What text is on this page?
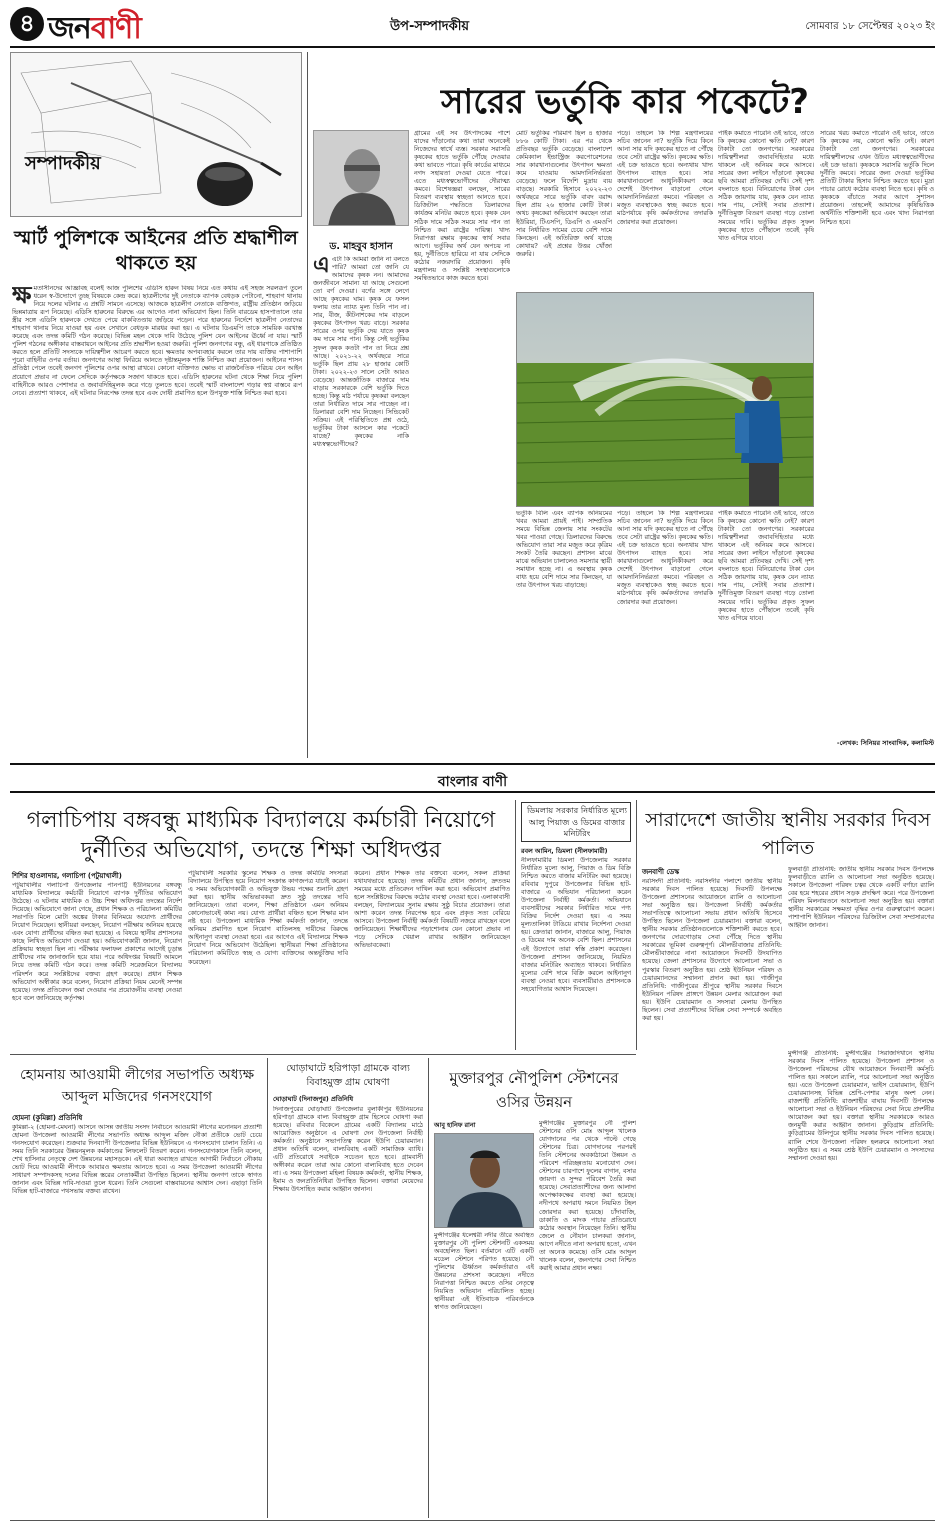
৪ জনবাণী	উপ-সম্পাদকীয়	সোমবার ১৮ সেপ্টেম্বর ২০২৩ ইং
সম্পাদকীয়
স্মার্ট পুলিশকে আইনের প্রতি শ্রদ্ধাশীল থাকতে হয়
ক্ষ মতাসীনদের আজ্ঞাবহ বলেই আজ পুলিশের এডিসি হারুন বিষয় নিয়ে এত কথায় এই সহজ সরলরূপ তুলে ধরেন স্ব-উদ্যোগে তুচ্ছ বিষয়কে কেন্দ্র করে। ছাত্রলীগের দুই নেতাকে ব্যাপক বেধড়ক পেটানো, শাহবাগ থানায় নিয়ে দলের ঘটনার এ প্রশ্নটি সামনে এসেছে। আজকে ছাত্রলীগ নেতাকে ব্যক্তিগত, রাষ্ট্রীয় প্রতিষ্ঠান জড়িয়ে ভিন্নমাত্রায় রূপ নিয়েছে। এডিসি হারুনের বিরুদ্ধে এর আগেও নানা অভিযোগ ছিল। তিনি বারডেম হাসপাতালে তার স্ত্রীর সঙ্গে এডিসি হারুনকে দেখতে পেয়ে বাকবিতণ্ডায় জড়িয়ে পড়েন। পরে হারুনের নির্দেশে ছাত্রলীগ নেতাদের শাহবাগ থানায় নিয়ে যাওয়া হয় এবং সেখানে বেধড়ক মারধর করা হয়। এ ঘটনায় ডিএমপি তাকে সাময়িক বরখাস্ত করেছে এবং তদন্ত কমিটি গঠন করেছে। বিভিন্ন মহল থেকে দাবি উঠেছে পুলিশ যেন আইনের ঊর্ধ্বে না যায়। স্মার্ট পুলিশ গঠনের অঙ্গীকার বাস্তবায়নে আইনের প্রতি শ্রদ্ধাশীল হওয়া জরুরি। পুলিশ জনগণের বন্ধু, এই ধারণাকে প্রতিষ্ঠিত করতে হলে প্রতিটি সদস্যকে দায়িত্বশীল আচরণ করতে হবে। ক্ষমতার অপব্যবহার করলে তার দায় ব্যক্তির পাশাপাশি পুরো বাহিনীর ওপর বর্তায়। জনগণের আস্থা ফিরিয়ে আনতে দৃষ্টান্তমূলক শাস্তি নিশ্চিত করা প্রয়োজন। আইনের শাসন প্রতিষ্ঠা পেলে তবেই জনগণ পুলিশের ওপর আস্থা রাখবে। কোনো ব্যক্তিগত ক্ষোভ বা রাজনৈতিক পরিচয় যেন আইন প্রয়োগে প্রভাব না ফেলে সেদিকে কর্তৃপক্ষকে সজাগ থাকতে হবে। এডিসি হারুনের ঘটনা থেকে শিক্ষা নিয়ে পুলিশ বাহিনীকে আরও পেশাদার ও জবাবদিহিমূলক করে গড়ে তুলতে হবে। তবেই স্মার্ট বাংলাদেশ গড়ার স্বপ্ন বাস্তবে রূপ নেবে। প্রত্যাশা থাকবে, এই ঘটনার নিরপেক্ষ তদন্ত হবে এবং দোষী প্রমাণিত হলে উপযুক্ত শাস্তি নিশ্চিত করা হবে।
সারের ভর্তুকি কার পকেটে?
ড. মাহবুব হাসান
এএটা কি আমরা জানি না বলতে পারি? আমরা তো জানি যে আমাদের কৃষক নন। আমাদের জনজীবনে সামান্য যা আছে সেগুলো তো বর্ণ দেওয়া। বর্ণের সঙ্গে লেগে আছে কৃষকের ঘাম। কৃষক যে ফসল ফলায় তার ন্যায্য মূল্য তিনি পান না। সার, বীজ, কীটনাশকের দাম বাড়লে কৃষকের উৎপাদন খরচ বাড়ে। সরকার সারের ওপর ভর্তুকি দেয় যাতে কৃষক কম দামে সার পান। কিন্তু সেই ভর্তুকির সুফল কৃষক কতটা পান তা নিয়ে প্রশ্ন আছে। ২০২১-২২ অর্থবছরে সারে ভর্তুকি ছিল প্রায় ২৮ হাজার কোটি টাকা। ২০২২-২৩ সালে সেটা আরও বেড়েছে। আন্তর্জাতিক বাজারে দাম বাড়ায় সরকারকে বেশি ভর্তুকি দিতে হচ্ছে। কিন্তু মাঠ পর্যায়ে কৃষকরা বলছেন তারা নির্ধারিত দামে সার পাচ্ছেন না। ডিলাররা বেশি দাম নিচ্ছেন। সিন্ডিকেট সক্রিয়। এই পরিস্থিতিতে প্রশ্ন ওঠে, ভর্তুকির টাকা আসলে কার পকেটে যাচ্ছে? কৃষকের নাকি মধ্যস্বত্বভোগীদের?
গ্রামের এই সব উৎপাদকের পাশে যাদের দাঁড়ানোর কথা তারা অনেকেই নিজেদের স্বার্থে ব্যস্ত। সরকার সরাসরি কৃষকের হাতে ভর্তুকি পৌঁছে দেওয়ার কথা ভাবতে পারে। কৃষি কার্ডের মাধ্যমে নগদ সহায়তা দেওয়া যেতে পারে। এতে মধ্যস্বত্বভোগীদের দৌরাত্ম্য কমবে। বিশেষজ্ঞরা বলছেন, সারের বিতরণ ব্যবস্থায় স্বচ্ছতা আনতে হবে। ডিজিটাল পদ্ধতিতে ডিলারদের কার্যক্রম মনিটর করতে হবে। কৃষক যেন সঠিক দামে সঠিক সময়ে সার পান তা নিশ্চিত করা রাষ্ট্রের দায়িত্ব। খাদ্য নিরাপত্তা রক্ষায় কৃষকের স্বার্থ সবার আগে। ভর্তুকির অর্থ যেন অপচয় না হয়, দুর্নীতিতে হারিয়ে না যায় সেদিকে কঠোর নজরদারি প্রয়োজন। কৃষি মন্ত্রণালয় ও সংশ্লিষ্ট সংস্থাগুলোকে সমন্বিতভাবে কাজ করতে হবে।
মোট ভর্তুকির পরিমাণ ছিল ৪ হাজার ৮৮৬ কোটি টাকা। এর পর থেকে প্রতিবছর ভর্তুকি বেড়েছে। বাংলাদেশ কেমিক্যাল ইন্ডাস্ট্রিজ করপোরেশনের সার কারখানাগুলোর উৎপাদন ক্ষমতা কমে যাওয়ায় আমদানিনির্ভরতা বেড়েছে। ফলে বিদেশি মুদ্রায় ব্যয় বাড়ছে। সরকারি হিসাবে ২০২২-২৩ অর্থবছরে সারে ভর্তুকি বাবদ বরাদ্দ ছিল প্রায় ২৬ হাজার কোটি টাকা। অথচ কৃষকেরা অভিযোগ করছেন তারা ইউরিয়া, টিএসপি, ডিএপি ও এমওপি সার নির্ধারিত দামের চেয়ে বেশি দামে কিনছেন। এই অতিরিক্ত অর্থ যাচ্ছে কোথায়? এই প্রশ্নের উত্তর খোঁজা জরুরি।
পড়ে। তাহলে কি শিল্প মন্ত্রণালয়ের সচিব জানেন না? ভর্তুকি দিয়ে কিনে আনা সার যদি কৃষকের হাতে না পৌঁছে তবে সেটা রাষ্ট্রের ক্ষতি। কৃষকের ক্ষতি। এই চক্র ভাঙতে হবে। অন্যথায় খাদ্য উৎপাদন ব্যাহত হবে। সার কারখানাগুলো আধুনিকীকরণ করে দেশেই উৎপাদন বাড়ানো গেলে আমদানিনির্ভরতা কমবে। পরিবহন ও মজুত ব্যবস্থাকেও স্বচ্ছ করতে হবে। মাঠপর্যায়ে কৃষি কর্মকর্তাদের তদারকি জোরদার করা প্রয়োজন।
পাইক কমাতে পারেনি ওই ভাবে, তাতে কি কৃষকের কোনো ক্ষতি নেই? কারণ টাকাটা তো জনগণের। সরকারের দায়িত্বশীলরা জবাবদিহিতার মধ্যে থাকলে এই অনিয়ম কমে আসবে। সারের জন্য লাইনে দাঁড়ানো কৃষকের ছবি আমরা প্রতিবছর দেখি। সেই দৃশ্য বদলাতে হবে। বিনিয়োগের টাকা যেন সঠিক জায়গায় যায়, কৃষক যেন ন্যায্য দাম পায়, সেটাই সবার প্রত্যাশা। দুর্নীতিমুক্ত বিতরণ ব্যবস্থা গড়ে তোলা সময়ের দাবি। ভর্তুকির প্রকৃত সুফল কৃষকের হাতে পৌঁছালে তবেই কৃষি খাত এগিয়ে যাবে।
সারের খরচ কমাতে পারেনি ওই ভাবে, তাতে কি কৃষকের নয়, কোনো ক্ষতি নেই। কারণ টাকাটা তো জনগণের। সরকারের দায়িত্বশীলদের এখন উচিত মধ্যস্বত্বভোগীদের এই চক্র ভাঙা। কৃষককে সরাসরি ভর্তুকি দিলে দুর্নীতি কমবে। সারের জন্য দেওয়া ভর্তুকির প্রতিটি টাকার হিসাব নিশ্চিত করতে হবে। মুদ্রা পাচার রোধে কঠোর ব্যবস্থা নিতে হবে। কৃষি ও কৃষককে বাঁচাতে সবার আগে সুশাসন প্রয়োজন। তাহলেই আমাদের কৃষিভিত্তিক অর্থনীতি শক্তিশালী হবে এবং খাদ্য নিরাপত্তা নিশ্চিত হবে।
ভর্তুকি বিলি এবং ব্যাপক অনিয়মের খবর আমরা প্রায়ই পাই। সাম্প্রতিক সময়ে বিভিন্ন জেলায় সার সংকটের খবর পাওয়া গেছে। ডিলারদের বিরুদ্ধে অভিযোগ তারা সার মজুত করে কৃত্রিম সংকট তৈরি করছেন। প্রশাসন মাঝে মাঝে অভিযান চালালেও সমস্যার স্থায়ী সমাধান হচ্ছে না। এ অবস্থায় কৃষক বাধ্য হয়ে বেশি দামে সার কিনছেন, যা তার উৎপাদন খরচ বাড়াচ্ছে।
পড়ে। তাহলে কি শিল্প মন্ত্রণালয়ের সচিব জানেন না? ভর্তুকি দিয়ে কিনে আনা সার যদি কৃষকের হাতে না পৌঁছে তবে সেটা রাষ্ট্রের ক্ষতি। কৃষকের ক্ষতি। এই চক্র ভাঙতে হবে। অন্যথায় খাদ্য উৎপাদন ব্যাহত হবে। সার কারখানাগুলো আধুনিকীকরণ করে দেশেই উৎপাদন বাড়ানো গেলে আমদানিনির্ভরতা কমবে। পরিবহন ও মজুত ব্যবস্থাকেও স্বচ্ছ করতে হবে। মাঠপর্যায়ে কৃষি কর্মকর্তাদের তদারকি জোরদার করা প্রয়োজন।
পাইক কমাতে পারেনি ওই ভাবে, তাতে কি কৃষকের কোনো ক্ষতি নেই? কারণ টাকাটা তো জনগণের। সরকারের দায়িত্বশীলরা জবাবদিহিতার মধ্যে থাকলে এই অনিয়ম কমে আসবে। সারের জন্য লাইনে দাঁড়ানো কৃষকের ছবি আমরা প্রতিবছর দেখি। সেই দৃশ্য বদলাতে হবে। বিনিয়োগের টাকা যেন সঠিক জায়গায় যায়, কৃষক যেন ন্যায্য দাম পায়, সেটাই সবার প্রত্যাশা। দুর্নীতিমুক্ত বিতরণ ব্যবস্থা গড়ে তোলা সময়ের দাবি। ভর্তুকির প্রকৃত সুফল কৃষকের হাতে পৌঁছালে তবেই কৃষি খাত এগিয়ে যাবে।
-লেখক: সিনিয়র সাংবাদিক, কলামিস্ট
বাংলার বাণী
গলাচিপায় বঙ্গবন্ধু মাধ্যমিক বিদ্যালয়ে কর্মচারী নিয়োগে দুর্নীতির অভিযোগ, তদন্তে শিক্ষা অধিদপ্তর
শিশির হাওলাদার, গলাচিপা (পটুয়াখালী)
পটুয়াখালীর গলাচিপা উপজেলার পানপট্টি ইউনিয়নের বঙ্গবন্ধু মাধ্যমিক বিদ্যালয়ে কর্মচারী নিয়োগে ব্যাপক দুর্নীতির অভিযোগ উঠেছে। এ ঘটনায় মাধ্যমিক ও উচ্চ শিক্ষা অধিদপ্তর তদন্তের নির্দেশ দিয়েছে। অভিযোগে জানা গেছে, প্রধান শিক্ষক ও পরিচালনা কমিটির সভাপতি মিলে মোটা অঙ্কের টাকার বিনিময়ে অযোগ্য প্রার্থীদের নিয়োগ দিয়েছেন। স্থানীয়রা বলছেন, নিয়োগ পরীক্ষায় অনিয়ম হয়েছে এবং যোগ্য প্রার্থীদের বঞ্চিত করা হয়েছে। এ বিষয়ে স্থানীয় প্রশাসনের কাছে লিখিত অভিযোগ দেওয়া হয়। অভিযোগকারী জানান, নিয়োগ প্রক্রিয়ায় স্বচ্ছতা ছিল না। পরীক্ষার ফলাফল প্রকাশের আগেই চূড়ান্ত প্রার্থীদের নাম জানাজানি হয়ে যায়। পরে অধিদপ্তর বিষয়টি আমলে নিয়ে তদন্ত কমিটি গঠন করে। তদন্ত কমিটি সরেজমিনে বিদ্যালয় পরিদর্শন করে সংশ্লিষ্টদের বক্তব্য গ্রহণ করেছে। প্রধান শিক্ষক অভিযোগ অস্বীকার করে বলেন, নিয়োগ প্রক্রিয়া নিয়ম মেনেই সম্পন্ন হয়েছে। তদন্ত প্রতিবেদন জমা দেওয়ার পর প্রয়োজনীয় ব্যবস্থা নেওয়া হবে বলে জানিয়েছে কর্তৃপক্ষ।
পটুয়াখালী সরকারি স্কুলের শিক্ষক ও তদন্ত কমিটির সদস্যরা বিদ্যালয়ে উপস্থিত হয়ে নিয়োগ সংক্রান্ত কাগজপত্র যাচাই করেন। এ সময় অভিযোগকারী ও অভিযুক্ত উভয় পক্ষের শুনানি গ্রহণ করা হয়। স্থানীয় অভিভাবকরা দ্রুত সুষ্ঠু তদন্তের দাবি জানিয়েছেন। তারা বলেন, শিক্ষা প্রতিষ্ঠানে এমন অনিয়ম কোনোভাবেই কাম্য নয়। যোগ্য প্রার্থীরা বঞ্চিত হলে শিক্ষার মান নষ্ট হবে। উপজেলা মাধ্যমিক শিক্ষা কর্মকর্তা জানান, তদন্তে অনিয়ম প্রমাণিত হলে নিয়োগ বাতিলসহ দায়ীদের বিরুদ্ধে আইনানুগ ব্যবস্থা নেওয়া হবে। এর আগেও এই বিদ্যালয়ে শিক্ষক নিয়োগ নিয়ে অভিযোগ উঠেছিল। স্থানীয়রা শিক্ষা প্রতিষ্ঠানের পরিচালনা কমিটিতে স্বচ্ছ ও যোগ্য ব্যক্তিদের অন্তর্ভুক্তির দাবি করেছেন।
করেন। প্রধান শিক্ষক তার বক্তব্যে বলেন, সকল প্রক্রিয়া যথাযথভাবে হয়েছে। তদন্ত কমিটির প্রধান জানান, দ্রুততম সময়ের মধ্যে প্রতিবেদন দাখিল করা হবে। অভিযোগ প্রমাণিত হলে সংশ্লিষ্টদের বিরুদ্ধে কঠোর ব্যবস্থা নেওয়া হবে। এলাকাবাসী বলছেন, বিদ্যালয়ের সুনাম রক্ষায় সুষ্ঠু বিচার প্রয়োজন। তারা আশা করেন তদন্ত নিরপেক্ষ হবে এবং প্রকৃত সত্য বেরিয়ে আসবে। উপজেলা নির্বাহী কর্মকর্তা বিষয়টি নজরে রাখছেন বলে জানিয়েছেন। শিক্ষার্থীদের পড়াশোনায় যেন কোনো প্রভাব না পড়ে সেদিকে খেয়াল রাখার আহ্বান জানিয়েছেন অভিভাবকেরা।
ডিমলায় সরকার নির্ধারিত মূল্যে আলু পিয়াজ ও ডিমের বাজার মনিটরিং
রবল আমিন, ডিমলা (নীলফামারী)
নীলফামারীর ডিমলা উপজেলায় সরকার নির্ধারিত মূল্যে আলু, পিয়াজ ও ডিম বিক্রি নিশ্চিত করতে বাজার মনিটরিং করা হয়েছে। রবিবার দুপুরে উপজেলার বিভিন্ন হাট-বাজারে এ অভিযান পরিচালনা করেন উপজেলা নির্বাহী কর্মকর্তা। অভিযানে ব্যবসায়ীদের সরকার নির্ধারিত দামে পণ্য বিক্রির নির্দেশ দেওয়া হয়। এ সময় মূল্যতালিকা টাঙিয়ে রাখার নির্দেশনা দেওয়া হয়। ক্রেতারা জানান, বাজারে আলু, পিয়াজ ও ডিমের দাম অনেক বেশি ছিল। প্রশাসনের এই উদ্যোগে তারা স্বস্তি প্রকাশ করেছেন। উপজেলা প্রশাসন জানিয়েছে, নিয়মিত বাজার মনিটরিং অব্যাহত থাকবে। নির্ধারিত মূল্যের বেশি দামে বিক্রি করলে আইনানুগ ব্যবস্থা নেওয়া হবে। ব্যবসায়ীরাও প্রশাসনকে সহযোগিতার আশ্বাস দিয়েছেন।
সারাদেশে জাতীয় স্থানীয় সরকার দিবস পালিত
জনবাণী ডেস্ক
নরসিংদী প্রতিনিধি: নরসিংদীর পলাশে জাতীয় স্থানীয় সরকার দিবস পালিত হয়েছে। দিবসটি উপলক্ষে উপজেলা প্রশাসনের আয়োজনে র‌্যালি ও আলোচনা সভা অনুষ্ঠিত হয়। উপজেলা নির্বাহী কর্মকর্তার সভাপতিত্বে আলোচনা সভায় প্রধান অতিথি হিসেবে উপস্থিত ছিলেন উপজেলা চেয়ারম্যান। বক্তারা বলেন, স্থানীয় সরকার প্রতিষ্ঠানগুলোকে শক্তিশালী করতে হবে। জনগণের দোরগোড়ায় সেবা পৌঁছে দিতে স্থানীয় সরকারের ভূমিকা গুরুত্বপূর্ণ। মৌলভীবাজার প্রতিনিধি: মৌলভীবাজারে নানা আয়োজনে দিবসটি উদযাপিত হয়েছে। জেলা প্রশাসনের উদ্যোগে আলোচনা সভা ও পুরস্কার বিতরণ অনুষ্ঠিত হয়। শ্রেষ্ঠ ইউনিয়ন পরিষদ ও চেয়ারম্যানদের সম্মাননা প্রদান করা হয়। গাজীপুর প্রতিনিধি: গাজীপুরের শ্রীপুরে স্থানীয় সরকার দিবসে ইউনিয়ন পরিষদ প্রাঙ্গণে উন্নয়ন মেলার আয়োজন করা হয়। ইউপি চেয়ারম্যান ও সদস্যরা মেলায় উপস্থিত ছিলেন। সেবা প্রত্যাশীদের বিভিন্ন সেবা সম্পর্কে অবহিত করা হয়।
ফুলবাড়ী প্রতিনিধি: জাতীয় স্থানীয় সরকার দিবস উপলক্ষে ফুলবাড়ীতে র‌্যালি ও আলোচনা সভা অনুষ্ঠিত হয়েছে। সকালে উপজেলা পরিষদ চত্বর থেকে একটি বর্ণাঢ্য র‌্যালি বের হয়ে শহরের প্রধান সড়ক প্রদক্ষিণ করে। পরে উপজেলা পরিষদ মিলনায়তনে আলোচনা সভা অনুষ্ঠিত হয়। বক্তারা স্থানীয় সরকারের সক্ষমতা বৃদ্ধির ওপর গুরুত্বারোপ করেন। পাশাপাশি ইউনিয়ন পরিষদের ডিজিটাল সেবা সম্প্রসারণের আহ্বান জানান।
মুন্সীগঞ্জ প্রতিনিধি: মুন্সীগঞ্জের সিরাজদিখানে স্থানীয় সরকার দিবস পালিত হয়েছে। উপজেলা প্রশাসন ও উপজেলা পরিষদের যৌথ আয়োজনে দিনব্যাপী কর্মসূচি পালিত হয়। সকালে র‌্যালি, পরে আলোচনা সভা অনুষ্ঠিত হয়। এতে উপজেলা চেয়ারম্যান, ভাইস চেয়ারম্যান, ইউপি চেয়ারম্যানসহ বিভিন্ন শ্রেণি-পেশার মানুষ অংশ নেন। রাজশাহী প্রতিনিধি: রাজশাহীর বাঘায় দিবসটি উপলক্ষে আলোচনা সভা ও ইউনিয়ন পরিষদের সেবা নিয়ে প্রদর্শনীর আয়োজন করা হয়। বক্তারা স্থানীয় সরকারকে আরও জনমুখী করার আহ্বান জানান। কুড়িগ্রাম প্রতিনিধি: কুড়িগ্রামের উলিপুরে স্থানীয় সরকার দিবস পালিত হয়েছে। র‌্যালি শেষে উপজেলা পরিষদ হলরুমে আলোচনা সভা অনুষ্ঠিত হয়। এ সময় শ্রেষ্ঠ ইউপি চেয়ারম্যান ও সদস্যদের সম্মাননা দেওয়া হয়।
হোমনায় আওয়ামী লীগের সভাপতি অধ্যক্ষ আব্দুল মজিদের গনসংযোগ
হোমনা (কুমিল্লা) প্রতিনিধি
কুমিল্লা-২ (হোমনা-মেঘনা) আসনে আসন্ন জাতীয় সংসদ নির্বাচনে আওয়ামী লীগের মনোনয়ন প্রত্যাশী হোমনা উপজেলা আওয়ামী লীগের সভাপতি অধ্যক্ষ আব্দুল মজিদ নৌকা প্রতীকে ভোট চেয়ে গনসংযোগ করেছেন। শুক্রবার দিনব্যাপী উপজেলার বিভিন্ন ইউনিয়নে এ গনসংযোগ চালান তিনি। এ সময় তিনি সরকারের উন্নয়নমূলক কর্মকাণ্ডের লিফলেট বিতরণ করেন। গনসংযোগকালে তিনি বলেন, শেখ হাসিনার নেতৃত্বে দেশ উন্নয়নের মহাসড়কে। এই ধারা অব্যাহত রাখতে আগামী নির্বাচনে নৌকায় ভোট দিয়ে আওয়ামী লীগকে আবারও ক্ষমতায় আনতে হবে। এ সময় উপজেলা আওয়ামী লীগের সাধারণ সম্পাদকসহ দলের বিভিন্ন স্তরের নেতাকর্মীরা উপস্থিত ছিলেন। স্থানীয় জনগণ তাকে স্বাগত জানান এবং বিভিন্ন দাবি-দাওয়া তুলে ধরেন। তিনি সেগুলো বাস্তবায়নের আশ্বাস দেন। এছাড়া তিনি বিভিন্ন হাট-বাজারে পথসভায় বক্তব্য রাখেন।
ঘোড়াঘাটে হরিপাড়া গ্রামকে বাল্য বিবাহমুক্ত গ্রাম ঘোষণা
ঘোড়াঘাট (দিনাজপুর) প্রতিনিধি
দিনাজপুরের ঘোড়াঘাট উপজেলার বুলাকীপুর ইউনিয়নের হরিপাড়া গ্রামকে বাল্য বিবাহমুক্ত গ্রাম হিসেবে ঘোষণা করা হয়েছে। রবিবার বিকেলে গ্রামের একটি বিদ্যালয় মাঠে আয়োজিত অনুষ্ঠানে এ ঘোষণা দেন উপজেলা নির্বাহী কর্মকর্তা। অনুষ্ঠানে সভাপতিত্ব করেন ইউপি চেয়ারম্যান। প্রধান অতিথি বলেন, বাল্যবিবাহ একটি সামাজিক ব্যাধি। এটি প্রতিরোধে সবাইকে সচেতন হতে হবে। গ্রামবাসী অঙ্গীকার করেন তারা আর কোনো বাল্যবিবাহ হতে দেবেন না। এ সময় উপজেলা মহিলা বিষয়ক কর্মকর্তা, স্থানীয় শিক্ষক, ইমাম ও জনপ্রতিনিধিরা উপস্থিত ছিলেন। বক্তারা মেয়েদের শিক্ষায় উৎসাহিত করার আহ্বান জানান।
মুক্তারপুর নৌপুলিশ স্টেশনের ওসির উন্নয়ন
আবু হানিফ রানা
মুন্সীগঞ্জের ধলেশ্বরী নদীর তীরে অবস্থিত মুক্তারপুর নৌ পুলিশ স্টেশনটি একসময় অবহেলিত ছিল। বর্তমানে এটি একটি মডেল স্টেশনে পরিণত হয়েছে। নৌ পুলিশের ঊর্ধ্বতন কর্মকর্তারাও এই উন্নয়নের প্রশংসা করেছেন। নদীতে নিরাপত্তা নিশ্চিত করতে ওসির নেতৃত্বে নিয়মিত অভিযান পরিচালিত হচ্ছে। স্থানীয়রা এই ইতিবাচক পরিবর্তনকে স্বাগত জানিয়েছেন।
মুন্সীগঞ্জের মুক্তারপুর নৌ পুলিশ স্টেশনের ওসি মোঃ আব্দুল খালেক যোগদানের পর থেকে পাল্টে গেছে স্টেশনের চিত্র। যোগদানের পরপরই তিনি স্টেশনের অবকাঠামো উন্নয়ন ও পরিবেশ পরিচ্ছন্নতায় মনোযোগ দেন। স্টেশনের চারপাশে ফুলের বাগান, বসার জায়গা ও সুন্দর পরিবেশ তৈরি করা হয়েছে। সেবাপ্রত্যাশীদের জন্য আলাদা অপেক্ষাকক্ষের ব্যবস্থা করা হয়েছে। নদীপথে অপরাধ দমনে নিয়মিত টহল জোরদার করা হয়েছে। চাঁদাবাজি, ডাকাতি ও মাদক পাচার প্রতিরোধে কঠোর অবস্থান নিয়েছেন তিনি। স্থানীয় জেলে ও নৌযান চালকরা জানান, আগে নদীতে নানা অপরাধ হতো, এখন তা অনেক কমেছে। ওসি মোঃ আব্দুল খালেক বলেন, জনগণের সেবা নিশ্চিত করাই আমার প্রধান লক্ষ্য।
